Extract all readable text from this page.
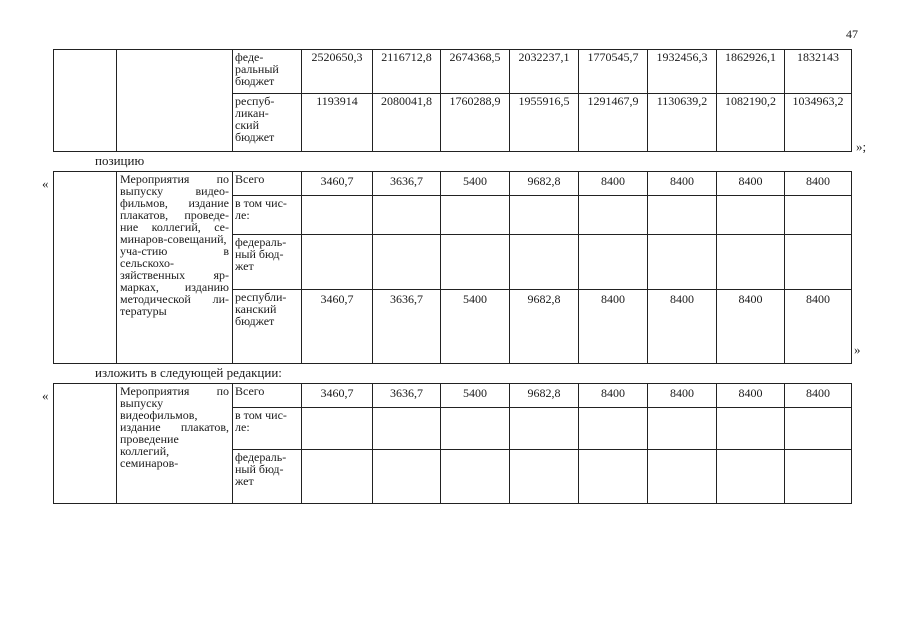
47
		феде-
ральный
бюджет	2520650,3	2116712,8	2674368,5	2032237,1	1770545,7	1932456,3	1862926,1	1832143
		респуб-
ликан-
ский
бюджет	1193914	2080041,8	1760288,9	1955916,5	1291467,9	1130639,2	1082190,2	1034963,2
»;
позицию
«

	Мероприятия по выпуску видео-фильмов, издание плакатов, проведе-ние коллегий, се-минаров-совещаний, уча-стию в сельскохо-зяйственных яр-марках, изданию методической ли-тературы	Всего	3460,7	3636,7	5400	9682,8	8400	8400	8400	8400
		в том чис-
ле:								
		федераль-
ный бюд-
жет								
		республи-
канский
бюджет	3460,7	3636,7	5400	9682,8	8400	8400	8400	8400
»
изложить в следующей редакции:
«

	Мероприятия по выпуску видеофильмов, издание плакатов, проведение коллегий, семинаров-	Всего	3460,7	3636,7	5400	9682,8	8400	8400	8400	8400
		в том чис-
ле:								
		федераль-
ный бюд-
жет								
